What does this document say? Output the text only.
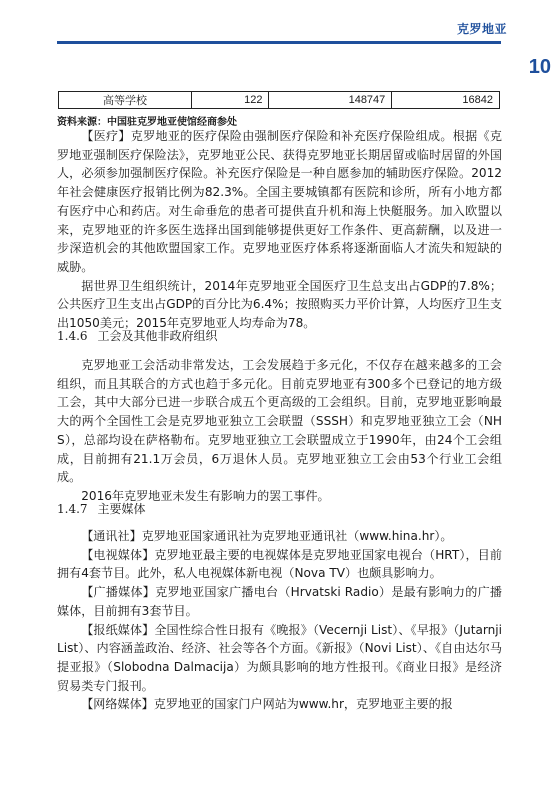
克罗地亚
10
高等学校	122	148747	16842
资料来源：中国驻克罗地亚使馆经商参处

【医疗】克罗地亚的医疗保险由强制医疗保险和补充医疗保险组成。根据《克罗地亚强制医疗保险法》，克罗地亚公民、获得克罗地亚长期居留或临时居留的外国人，必须参加强制医疗保险。补充医疗保险是一种自愿参加的辅助医疗保险。2012年社会健康医疗报销比例为82.3%。全国主要城镇都有医院和诊所，所有小地方都有医疗中心和药店。对生命垂危的患者可提供直升机和海上快艇服务。加入欧盟以来，克罗地亚的许多医生选择出国到能够提供更好工作条件、更高薪酬，以及进一步深造机会的其他欧盟国家工作。克罗地亚医疗体系将逐渐面临人才流失和短缺的威胁。

据世界卫生组织统计，2014年克罗地亚全国医疗卫生总支出占GDP的7.8%；公共医疗卫生支出占GDP的百分比为6.4%；按照购买力平价计算，人均医疗卫生支出1050美元；2015年克罗地亚人均寿命为78。

1.4.6 工会及其他非政府组织

克罗地亚工会活动非常发达，工会发展趋于多元化，不仅存在越来越多的工会组织，而且其联合的方式也趋于多元化。目前克罗地亚有300多个已登记的地方级工会，其中大部分已进一步联合成五个更高级的工会组织。目前，克罗地亚影响最大的两个全国性工会是克罗地亚独立工会联盟（SSSH）和克罗地亚独立工会（NHS），总部均设在萨格勒布。克罗地亚独立工会联盟成立于1990年，由24个工会组成，目前拥有21.1万会员，6万退休人员。克罗地亚独立工会由53个行业工会组成。

2016年克罗地亚未发生有影响力的罢工事件。

1.4.7 主要媒体

【通讯社】克罗地亚国家通讯社为克罗地亚通讯社（www.hina.hr）。

【电视媒体】克罗地亚最主要的电视媒体是克罗地亚国家电视台（HRT），目前拥有4套节目。此外，私人电视媒体新电视（Nova TV）也颇具影响力。

【广播媒体】克罗地亚国家广播电台（Hrvatski Radio）是最有影响力的广播媒体，目前拥有3套节目。

【报纸媒体】全国性综合性日报有《晚报》（Vecernji List）、《早报》（Jutarnji List）、内容涵盖政治、经济、社会等各个方面。《新报》（Novi List）、《自由达尔马提亚报》（Slobodna Dalmacija）为颇具影响的地方性报刊。《商业日报》是经济贸易类专门报刊。

【网络媒体】克罗地亚的国家门户网站为www.hr，克罗地亚主要的报
